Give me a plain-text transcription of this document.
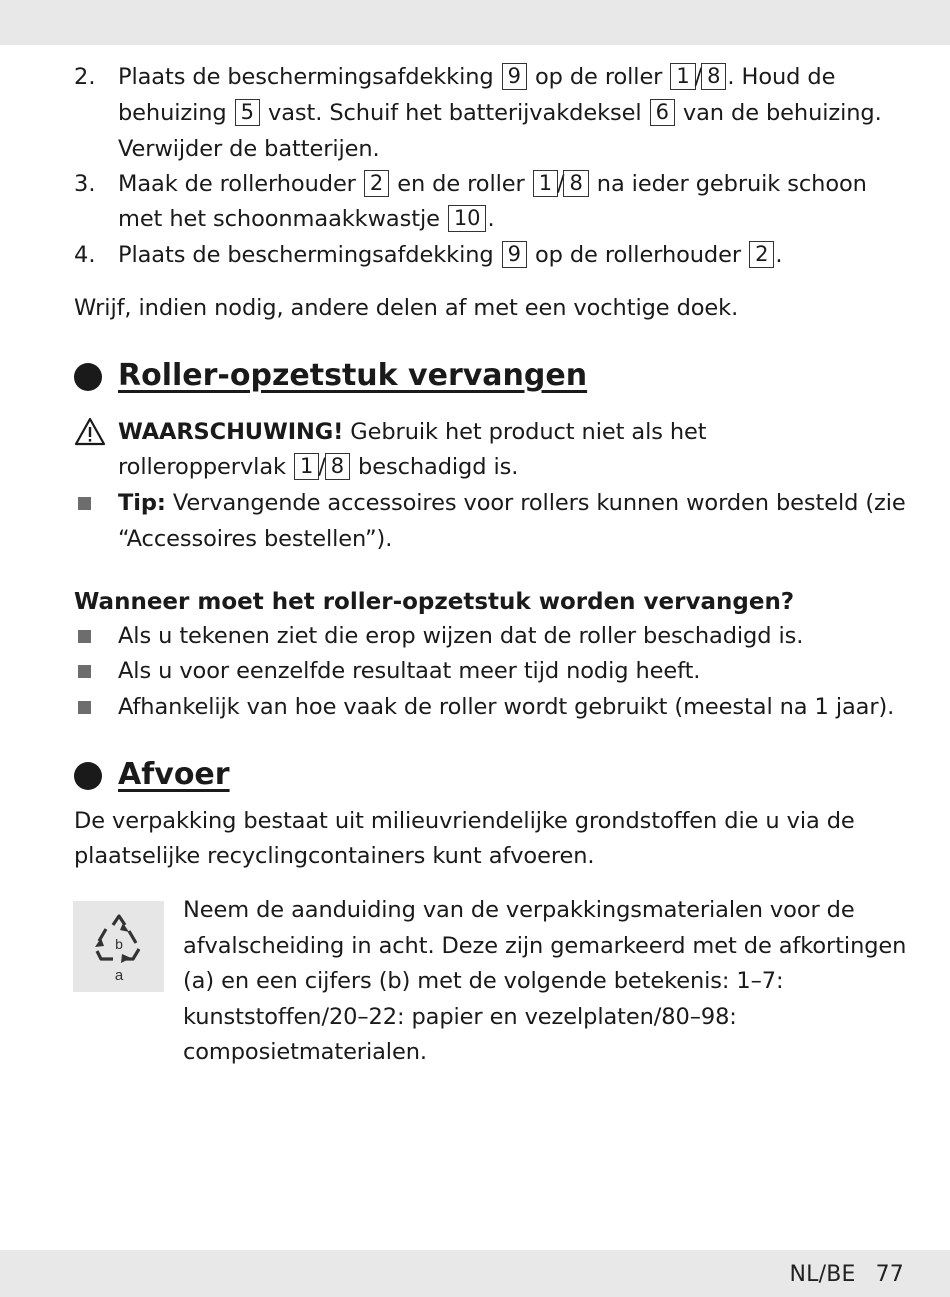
2. Plaats de beschermingsafdekking 9 op de roller 1 / 8 . Houd de
behuizing 5 vast. Schuif het batterijvakdeksel 6 van de behuizing.
Verwijder de batterijen.
3. Maak de rollerhouder 2 en de roller 1 / 8 na ieder gebruik schoon
met het schoonmaakkwastje 10 .
4. Plaats de beschermingsafdekking 9 op de rollerhouder 2 .
Wrijf, indien nodig, andere delen af met een vochtige doek.
Roller-opzetstuk vervangen
WAARSCHUWING! Gebruik het product niet als het
rolleroppervlak 1 / 8 beschadigd is.
Tip: Vervangende accessoires voor rollers kunnen worden besteld (zie
“Accessoires bestellen”).
Wanneer moet het roller-opzetstuk worden vervangen?
Als u tekenen ziet die erop wijzen dat de roller beschadigd is.
Als u voor eenzelfde resultaat meer tijd nodig heeft.
Afhankelijk van hoe vaak de roller wordt gebruikt (meestal na 1 jaar).
Afvoer
De verpakking bestaat uit milieuvriendelijke grondstoffen die u via de
plaatselijke recyclingcontainers kunt afvoeren.
b
a
Neem de aanduiding van de verpakkingsmaterialen voor de
afvalscheiding in acht. Deze zijn gemarkeerd met de afkortingen
(a) en een cijfers (b) met de volgende betekenis: 1–7:
kunststoffen/20–22: papier en vezelplaten/80–98:
composietmaterialen.
NL/BE 77
